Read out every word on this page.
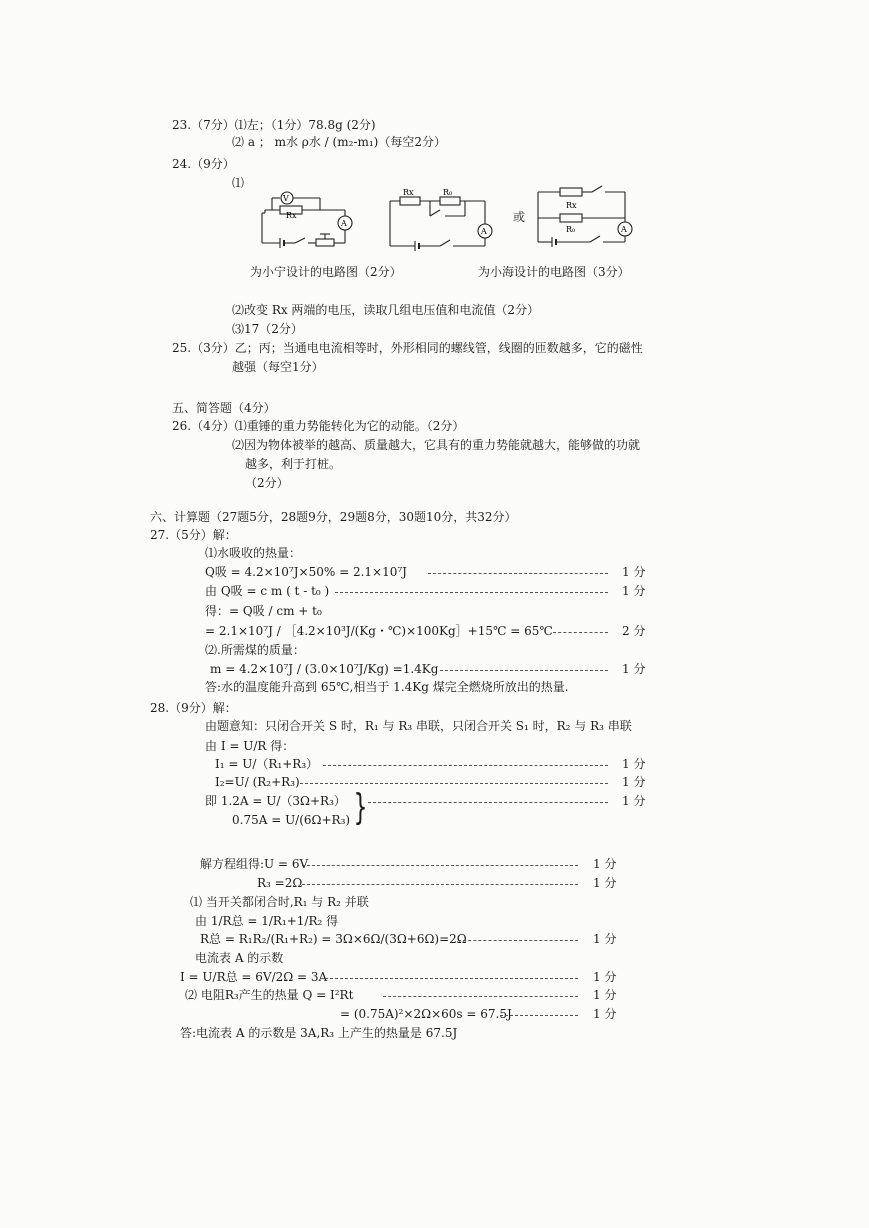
23.（7分）⑴左；（1分）78.8g (2分)
⑵ a ； m水 ρ水 / (m₂-m₁)（每空2分）
24.（9分）
⑴
V
Rx
A
Rx	R₀
A
或
Rx
R₀	A
为小宁设计的电路图（2分）	为小海设计的电路图（3分）
⑵改变 Rx 两端的电压，读取几组电压值和电流值（2分）
⑶17（2分）
25.（3分）乙；丙；当通电电流相等时，外形相同的螺线管，线圈的匝数越多，它的磁性
越强（每空1分）
五、简答题（4分）
26.（4分）⑴重锤的重力势能转化为它的动能。（2分）
⑵因为物体被举的越高、质量越大，它具有的重力势能就越大，能够做的功就
越多，利于打桩。
（2分）
六、计算题（27题5分，28题9分，29题8分，30题10分，共32分）
27.（5分）解：
⑴水吸收的热量：
Q吸 = 4.2×10⁷J×50% = 2.1×10⁷J	1 分
由 Q吸 = c m ( t - t₀ )	1 分
得：= Q吸 / cm + t₀
= 2.1×10⁷J / ［4.2×10³J/(Kg・℃)×100Kg］+15℃ = 65℃	2 分
⑵.所需煤的质量：
m = 4.2×10⁷J / (3.0×10⁷J/Kg) =1.4Kg	1 分
答:水的温度能升高到 65℃,相当于 1.4Kg 煤完全燃烧所放出的热量.
28.（9分）解：
由题意知：只闭合开关 S 时，R₁ 与 R₃ 串联，只闭合开关 S₁ 时，R₂ 与 R₃ 串联
由 I = U/R 得：
I₁ = U/（R₁+R₃）	1 分
I₂=U/ (R₂+R₃)	1 分
即 1.2A = U/（3Ω+R₃） }	1 分
0.75A = U/(6Ω+R₃)
解方程组得:U = 6V	1 分
R₃ =2Ω	1 分
⑴ 当开关都闭合时,R₁ 与 R₂ 并联
由 1/R总 = 1/R₁+1/R₂ 得
R总 = R₁R₂/(R₁+R₂) = 3Ω×6Ω/(3Ω+6Ω)=2Ω	1 分
电流表 A 的示数
I = U/R总 = 6V/2Ω = 3A	1 分
⑵ 电阻R₃产生的热量 Q = I²Rt	1 分
= (0.75A)²×2Ω×60s = 67.5J	1 分
答:电流表 A 的示数是 3A,R₃ 上产生的热量是 67.5J
